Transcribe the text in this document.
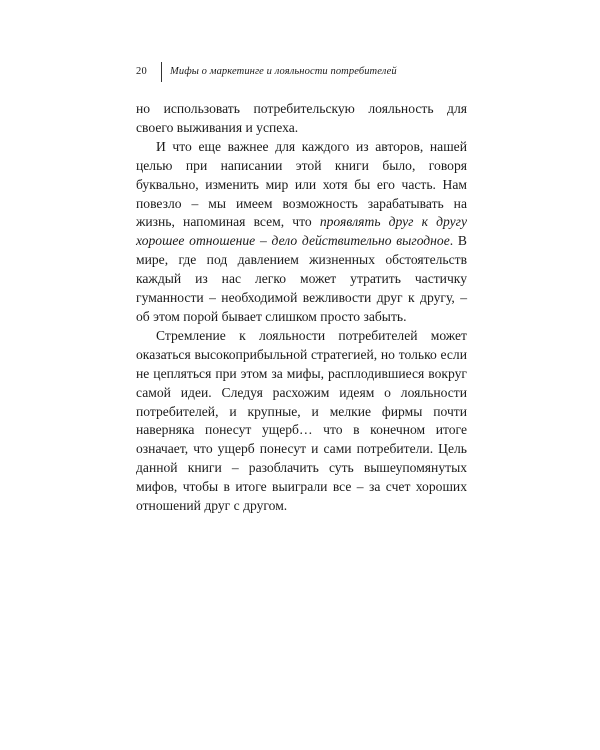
20	Мифы о маркетинге и лояльности потребителей

но использовать потребительскую лояльность для своего выживания и успеха.

И что еще важнее для каждого из авторов, нашей целью при написании этой книги было, говоря буквально, изменить мир или хотя бы его часть. Нам повезло – мы имеем возможность зарабатывать на жизнь, напоминая всем, что проявлять друг к другу хорошее отношение – дело действительно выгодное. В мире, где под давлением жизненных обстоятельств каждый из нас легко может утратить частичку гуманности – необходимой вежливости друг к другу, – об этом порой бывает слишком просто забыть.

Стремление к лояльности потребителей может оказаться высокоприбыльной стратегией, но только если не цепляться при этом за мифы, расплодившиеся вокруг самой идеи. Следуя расхожим идеям о лояльности потребителей, и крупные, и мелкие фирмы почти наверняка понесут ущерб… что в конечном итоге означает, что ущерб понесут и сами потребители. Цель данной книги – разоблачить суть вышеупомянутых мифов, чтобы в итоге выиграли все – за счет хороших отношений друг с другом.
